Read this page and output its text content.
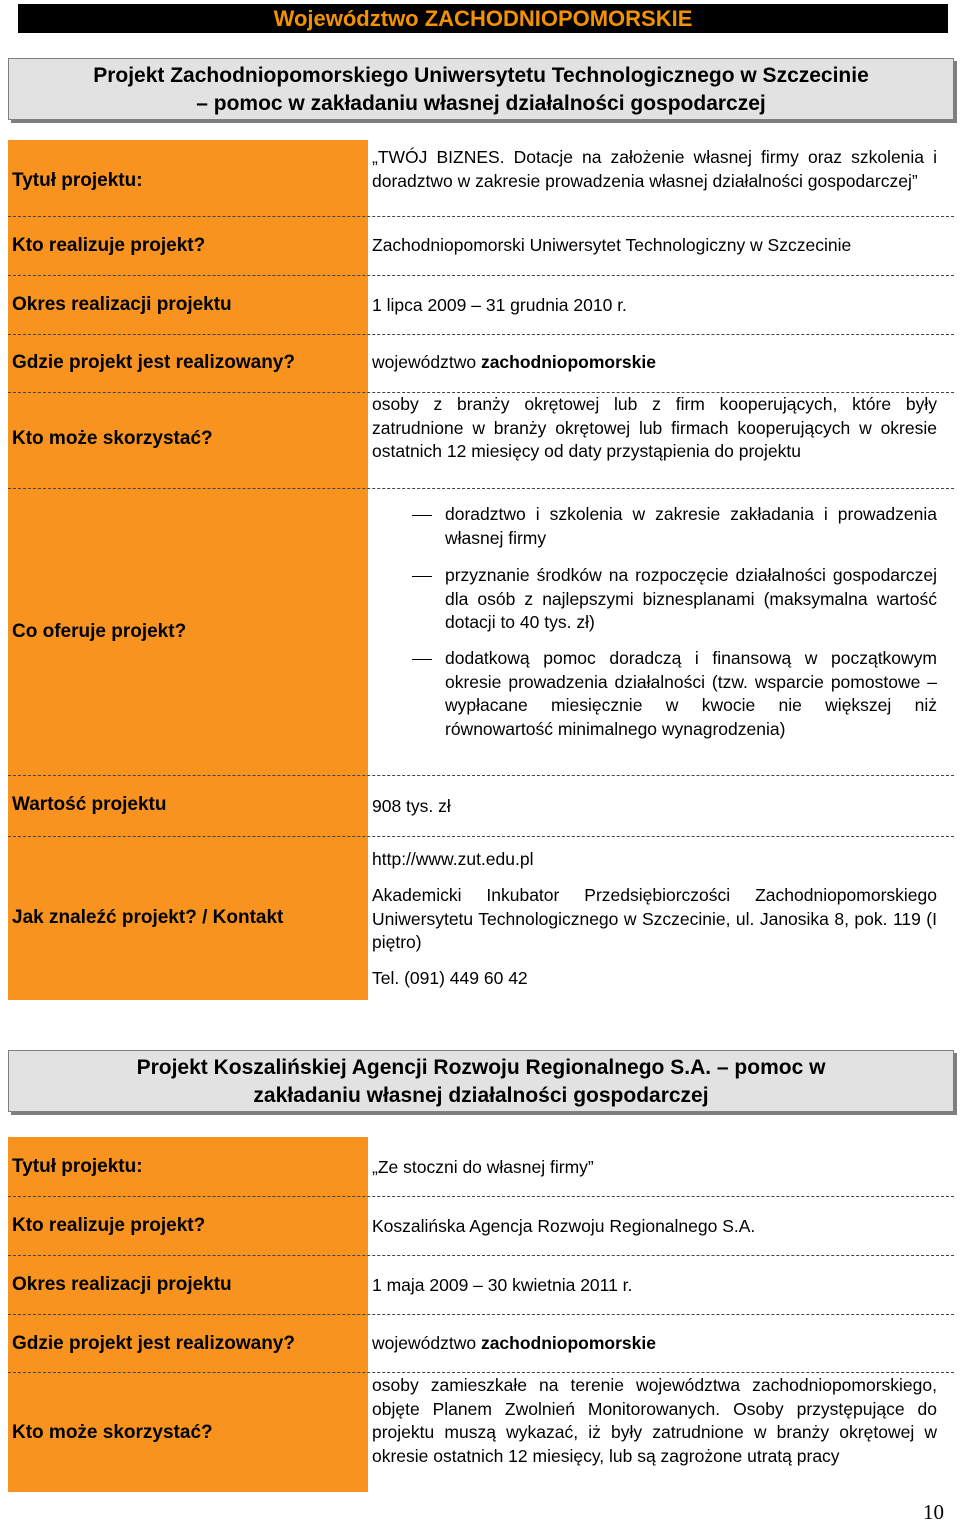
Województwo ZACHODNIOPOMORSKIE
Projekt Zachodniopomorskiego Uniwersytetu Technologicznego w Szczecinie
– pomoc w zakładaniu własnej działalności gospodarczej
Tytuł projektu:
„TWÓJ BIZNES. Dotacje na założenie własnej firmy oraz szkolenia i doradztwo w zakresie prowadzenia własnej działalności gospodarczej”
Kto realizuje projekt?	Zachodniopomorski Uniwersytet Technologiczny w Szczecinie
Okres realizacji projektu	1 lipca 2009 – 31 grudnia 2010 r.
Gdzie projekt jest realizowany?	województwo zachodniopomorskie
Kto może skorzystać?
osoby z branży okrętowej lub z firm kooperujących, które były zatrudnione w branży okrętowej lub firmach kooperujących w okresie ostatnich 12 miesięcy od daty przystąpienia do projektu
Co oferuje projekt?
doradztwo i szkolenia w zakresie zakładania i prowadzenia własnej firmy
przyznanie środków na rozpoczęcie działalności gospodarczej dla osób z najlepszymi biznesplanami (maksymalna wartość dotacji to 40 tys. zł)
dodatkową pomoc doradczą i finansową w początkowym okresie prowadzenia działalności (tzw. wsparcie pomostowe – wypłacane miesięcznie w kwocie nie większej niż równowartość minimalnego wynagrodzenia)
Wartość projektu	908 tys. zł
Jak znaleźć projekt? / Kontakt
http://www.zut.edu.pl
Akademicki Inkubator Przedsiębiorczości Zachodniopomorskiego Uniwersytetu Technologicznego w Szczecinie, ul. Janosika 8, pok. 119 (I piętro)
Tel. (091) 449 60 42
Projekt Koszalińskiej Agencji Rozwoju Regionalnego S.A. – pomoc w
zakładaniu własnej działalności gospodarczej
Tytuł projektu:	„Ze stoczni do własnej firmy”
Kto realizuje projekt?	Koszalińska Agencja Rozwoju Regionalnego S.A.
Okres realizacji projektu	1 maja 2009 – 30 kwietnia 2011 r.
Gdzie projekt jest realizowany?	województwo zachodniopomorskie
Kto może skorzystać?
osoby zamieszkałe na terenie województwa zachodniopomorskiego, objęte Planem Zwolnień Monitorowanych. Osoby przystępujące do projektu muszą wykazać, iż były zatrudnione w branży okrętowej w okresie ostatnich 12 miesięcy, lub są zagrożone utratą pracy
10
